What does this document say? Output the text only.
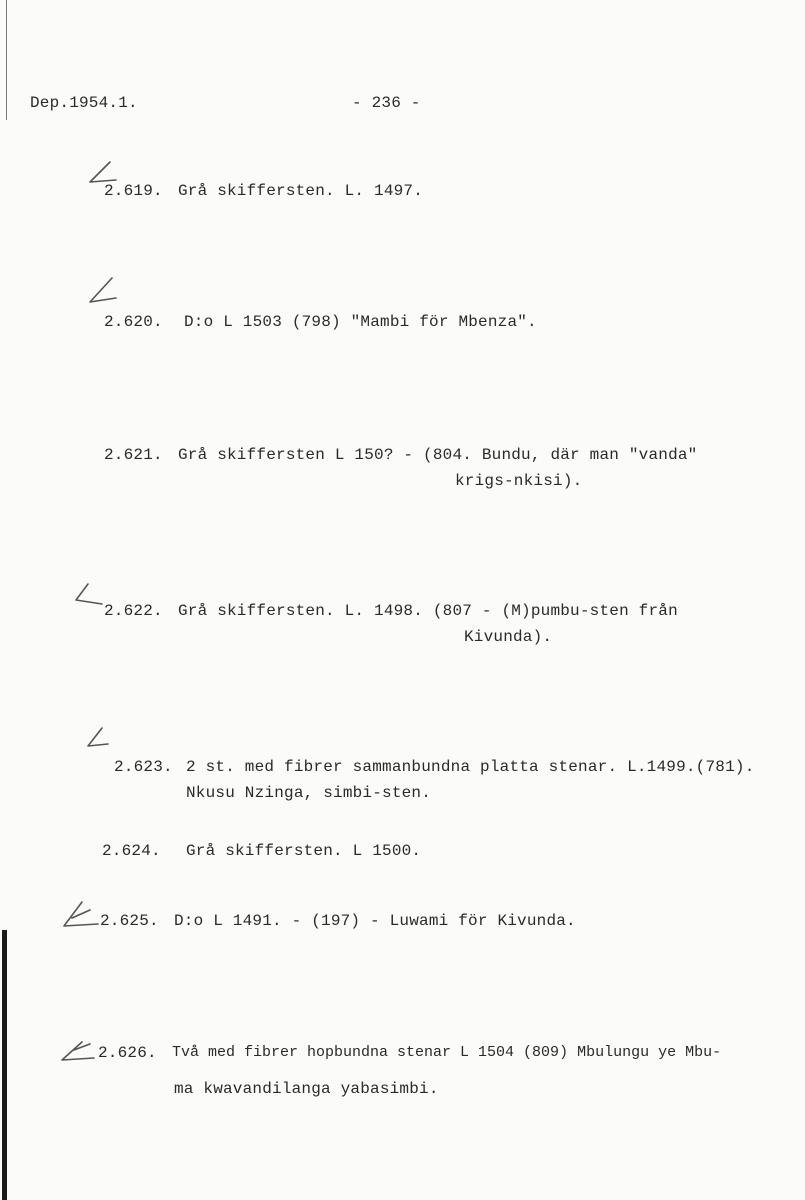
Dep.1954.1.	- 236 -
2.619. Grå skiffersten. L. 1497.
2.620. D:o L 1503 (798) "Mambi för Mbenza".
2.621. Grå skiffersten L 150? - (804. Bundu, där man "vanda"
krigs-nkisi).
2.622. Grå skiffersten. L. 1498. (807 - (M)pumbu-sten från
Kivunda).
2.623. 2 st. med fibrer sammanbundna platta stenar. L.1499.(781).
Nkusu Nzinga, simbi-sten.
2.624. Grå skiffersten. L 1500.
2.625. D:o L 1491. - (197) - Luwami för Kivunda.
2.626. Två med fibrer hopbundna stenar L 1504 (809) Mbulungu ye Mbu-
ma kwavandilanga yabasimbi.
